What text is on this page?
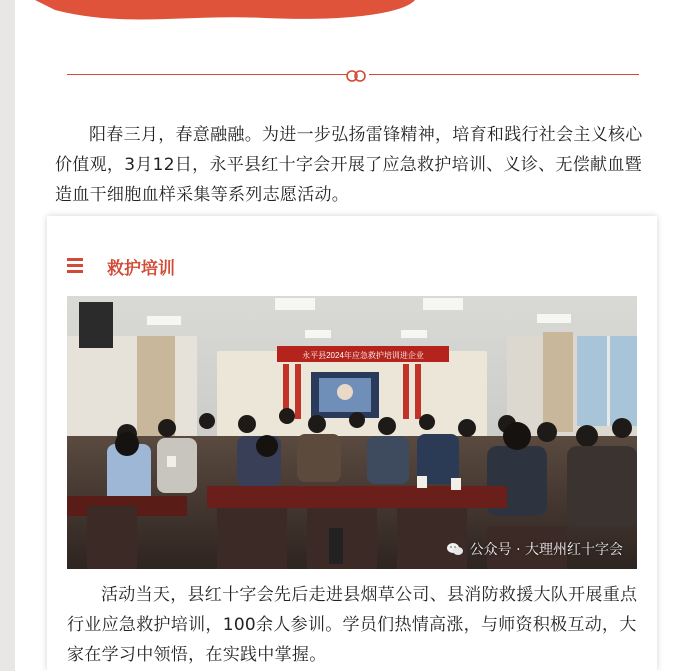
阳春三月，春意融融。为进一步弘扬雷锋精神，培育和践行社会主义核心价值观，3月12日，永平县红十字会开展了应急救护培训、义诊、无偿献血暨造血干细胞血样采集等系列志愿活动。

救护培训
永平县2024年应急救护培训进企业
公众号 · 大理州红十字会

活动当天，县红十字会先后走进县烟草公司、县消防救援大队开展重点行业应急救护培训，100余人参训。学员们热情高涨，与师资积极互动，大家在学习中领悟，在实践中掌握。
